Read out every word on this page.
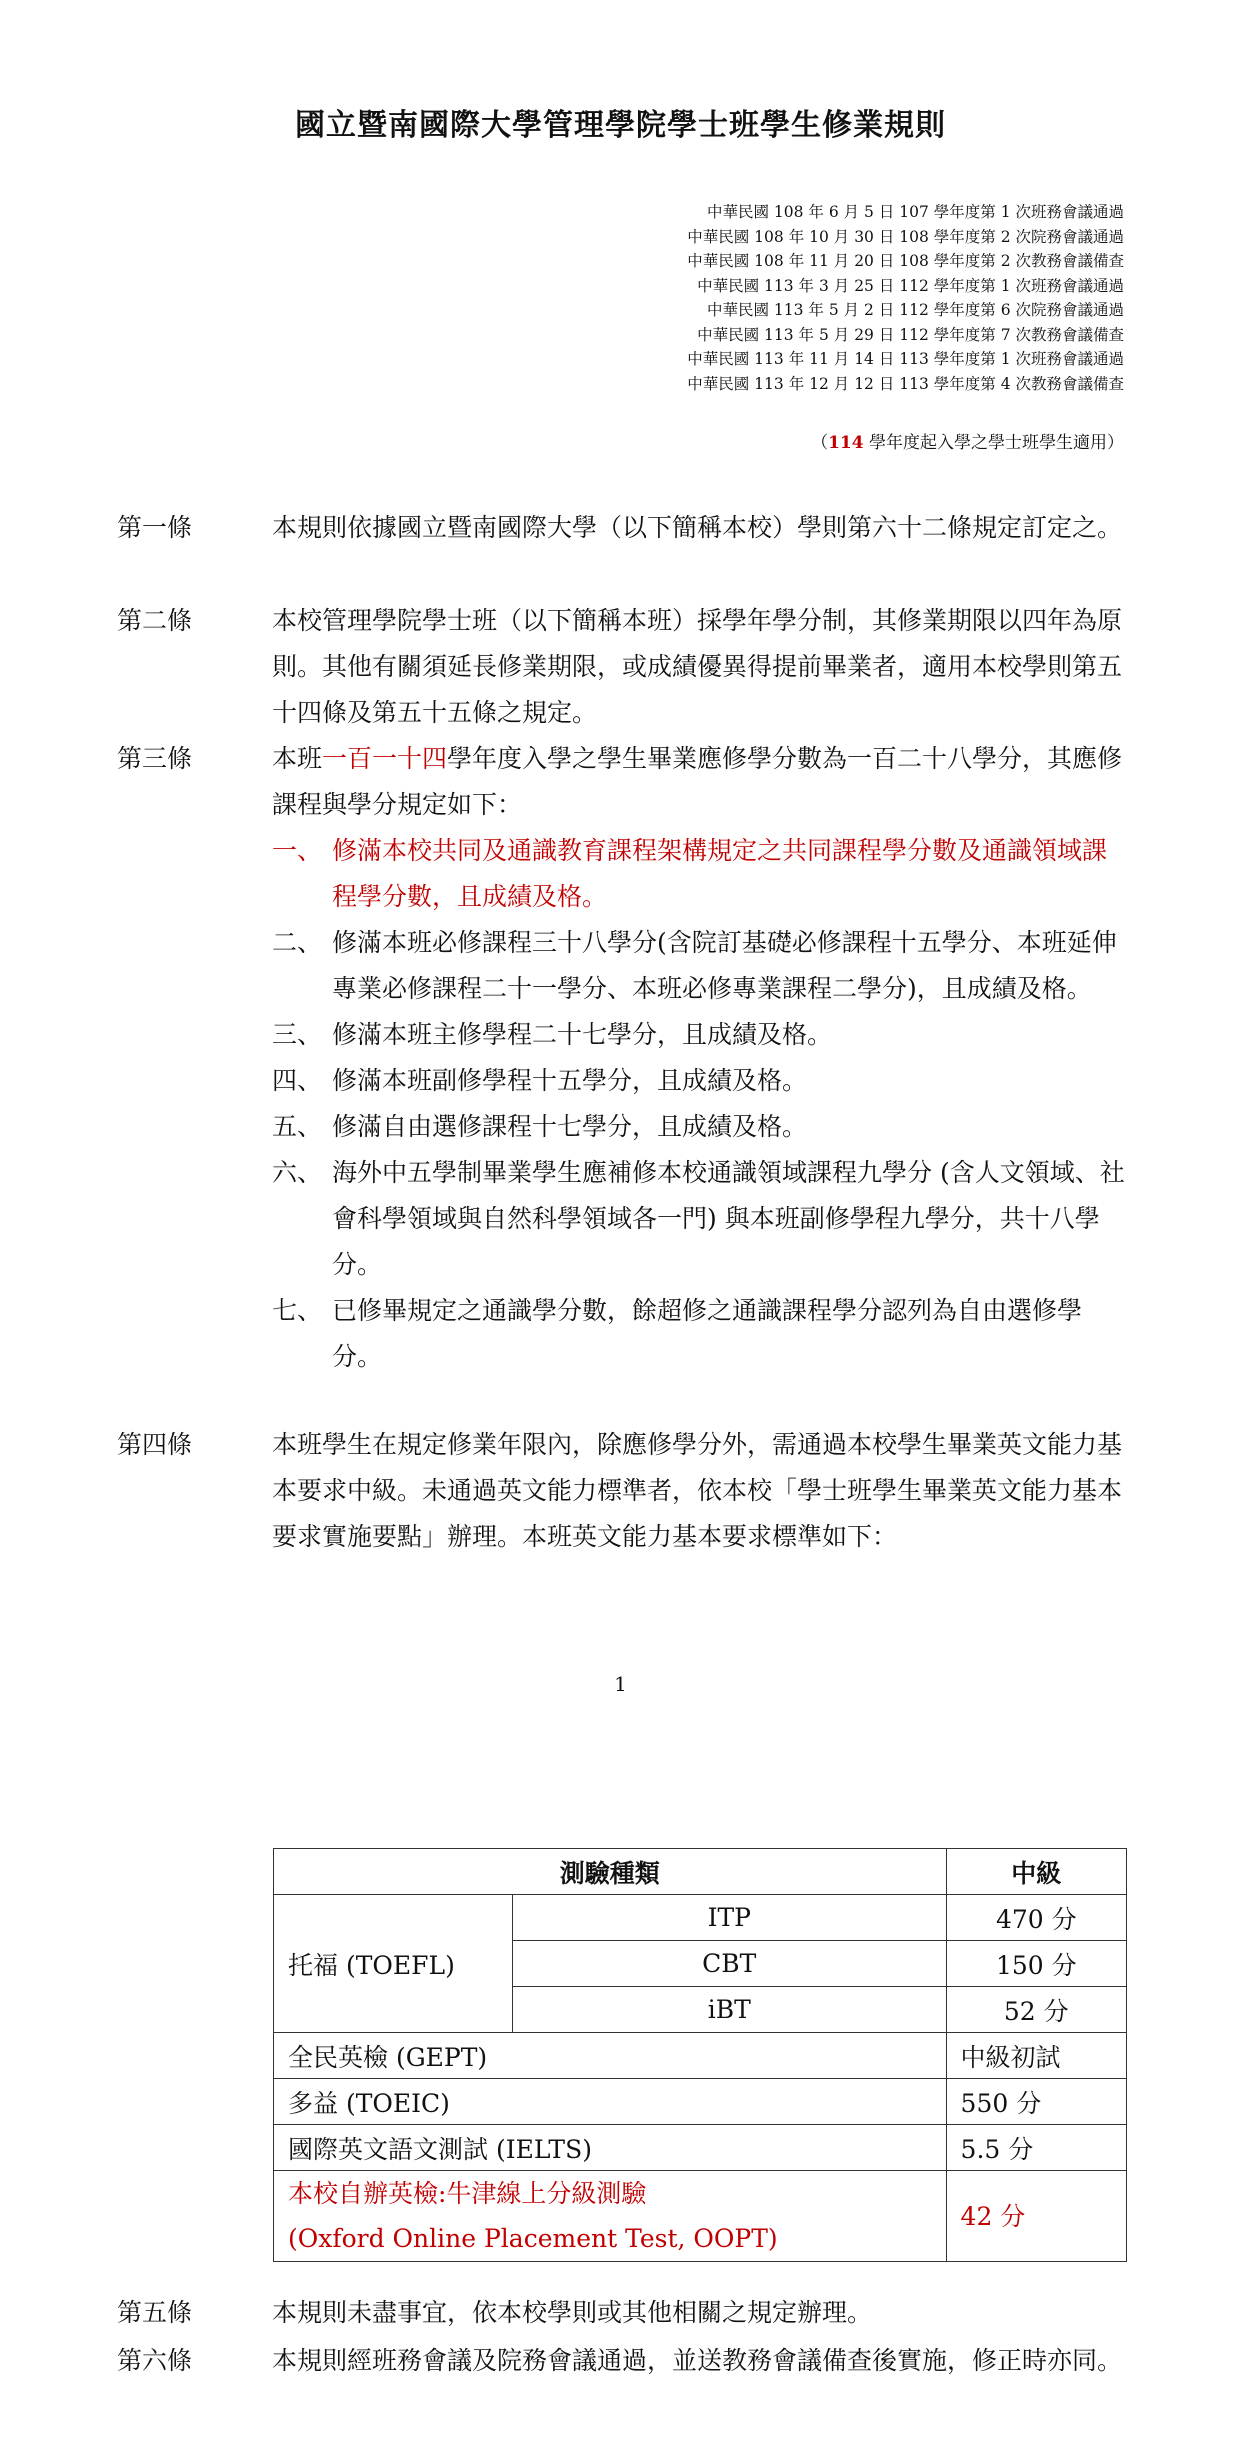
國立暨南國際大學管理學院學士班學生修業規則
中華民國 108 年 6 月 5 日 107 學年度第 1 次班務會議通過
中華民國 108 年 10 月 30 日 108 學年度第 2 次院務會議通過
中華民國 108 年 11 月 20 日 108 學年度第 2 次教務會議備查
中華民國 113 年 3 月 25 日 112 學年度第 1 次班務會議通過
中華民國 113 年 5 月 2 日 112 學年度第 6 次院務會議通過
中華民國 113 年 5 月 29 日 112 學年度第 7 次教務會議備查
中華民國 113 年 11 月 14 日 113 學年度第 1 次班務會議通過
中華民國 113 年 12 月 12 日 113 學年度第 4 次教務會議備查
（114 學年度起入學之學士班學生適用）
第一條	本規則依據國立暨南國際大學（以下簡稱本校）學則第六十二條規定訂定之。

第二條	本校管理學院學士班（以下簡稱本班）採學年學分制，其修業期限以四年為原則。其他有關須延長修業期限，或成績優異得提前畢業者，適用本校學則第五十四條及第五十五條之規定。

第三條	本班一百一十四學年度入學之學生畢業應修學分數為一百二十八學分，其應修課程與學分規定如下：

一、 修滿本校共同及通識教育課程架構規定之共同課程學分數及通識領域課程學分數，且成績及格。
二、 修滿本班必修課程三十八學分(含院訂基礎必修課程十五學分、本班延伸專業必修課程二十一學分、本班必修專業課程二學分)，且成績及格。
三、 修滿本班主修學程二十七學分，且成績及格。
四、 修滿本班副修學程十五學分，且成績及格。
五、 修滿自由選修課程十七學分，且成績及格。
六、 海外中五學制畢業學生應補修本校通識領域課程九學分 (含人文領域、社會科學領域與自然科學領域各一門) 與本班副修學程九學分，共十八學分。
七、 已修畢規定之通識學分數，餘超修之通識課程學分認列為自由選修學分。
第四條	本班學生在規定修業年限內，除應修學分外，需通過本校學生畢業英文能力基本要求中級。未通過英文能力標準者，依本校「學士班學生畢業英文能力基本要求實施要點」辦理。本班英文能力基本要求標準如下：

1
測驗種類		中級
托福 (TOEFL)	ITP	470 分
	CBT	150 分
	iBT	52 分
全民英檢 (GEPT)		中級初試
多益 (TOEIC)		550 分
國際英文語文測試 (IELTS)		5.5 分

本校自辦英檢:牛津線上分級測驗
(Oxford Online Placement Test, OOPT)		42 分
第五條	本規則未盡事宜，依本校學則或其他相關之規定辦理。

第六條	本規則經班務會議及院務會議通過，並送教務會議備查後實施，修正時亦同。
